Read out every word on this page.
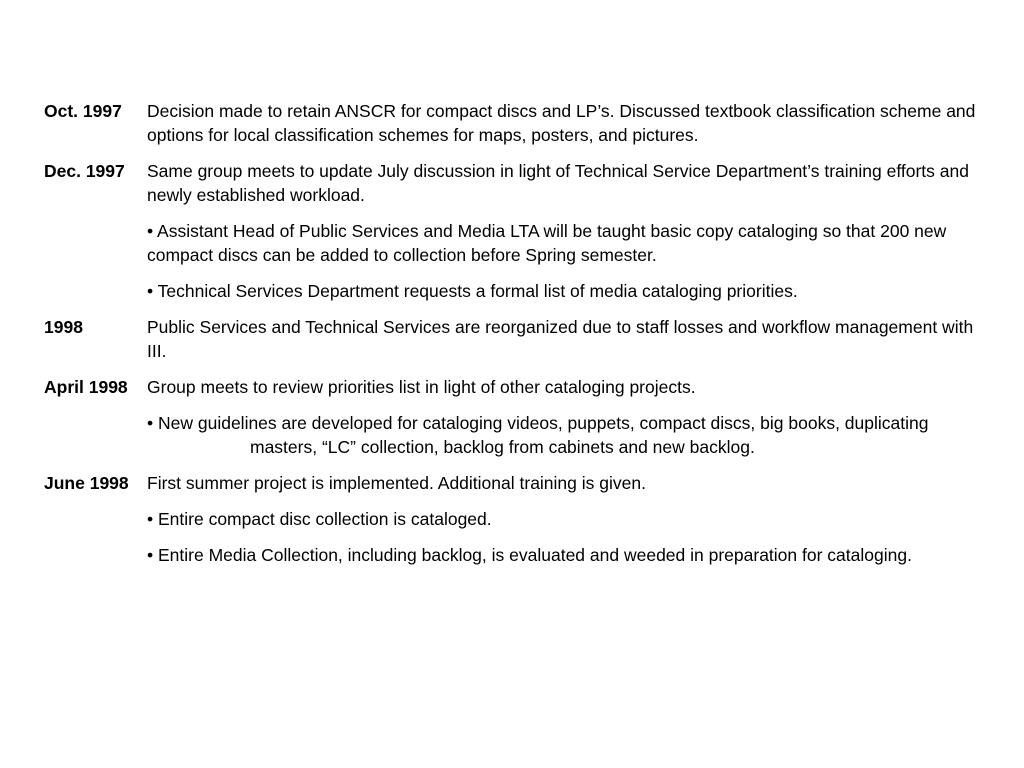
Oct. 1997 Decision made to retain ANSCR for compact discs and LP’s. Discussed textbook classification scheme and options for local classification schemes for maps, posters, and pictures.
Dec. 1997 Same group meets to update July discussion in light of Technical Service Department’s training efforts and newly established workload.
• Assistant Head of Public Services and Media LTA will be taught basic copy cataloging so that 200 new compact discs can be added to collection before Spring semester.
• Technical Services Department requests a formal list of media cataloging priorities.
1998	Public Services and Technical Services are reorganized due to staff losses and workflow management with III.
April 1998 Group meets to review priorities list in light of other cataloging projects.
• New guidelines are developed for cataloging videos, puppets, compact discs, big books, duplicating masters, “LC” collection, backlog from cabinets and new backlog.
June 1998 First summer project is implemented. Additional training is given.
• Entire compact disc collection is cataloged.
• Entire Media Collection, including backlog, is evaluated and weeded in preparation for cataloging.
